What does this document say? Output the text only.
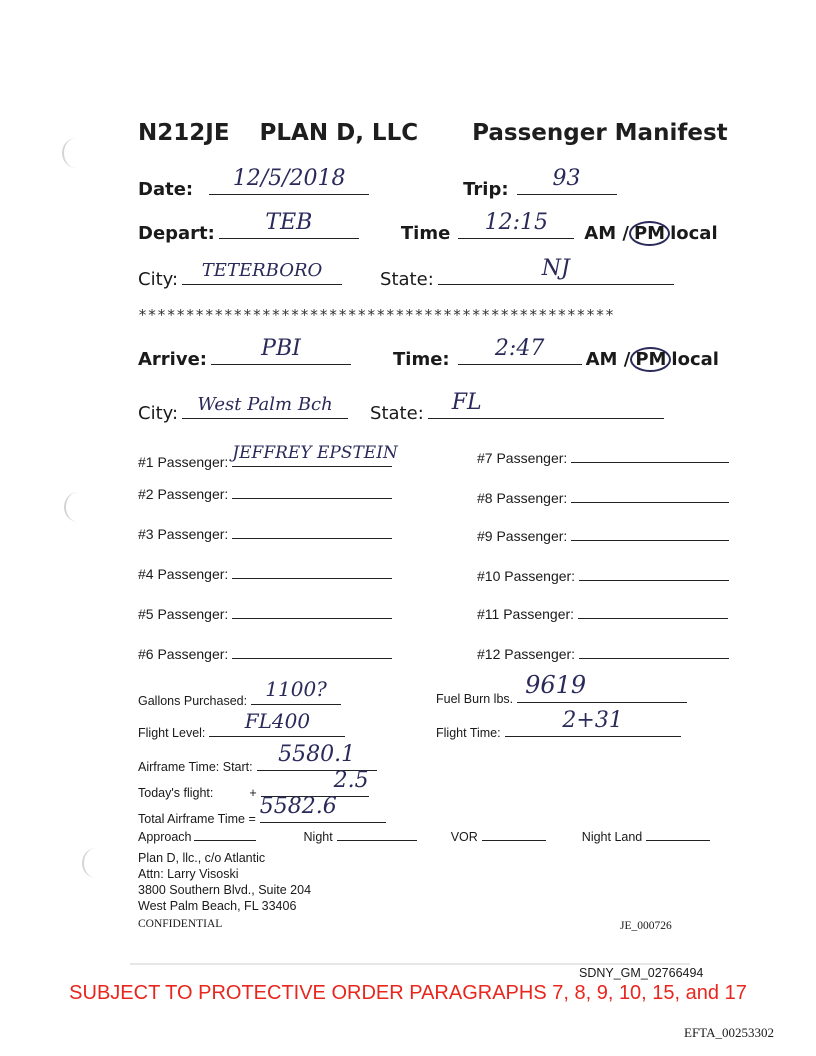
N212JE PLAN D, LLC Passenger Manifest
Date:	12/5/2018	Trip:	93
Depart:	TEB	Time	12:15	AM / PM local
City:	TETERBORO	State:	NJ
**************************************************
Arrive:	PBI	Time:	2:47	AM / PM local
City:	West Palm Bch	State:	FL
#1 Passenger: JEFFREY EPSTEIN
#2 Passenger:
#3 Passenger:
#4 Passenger:
#5 Passenger:
#6 Passenger:
#7 Passenger:
#8 Passenger:
#9 Passenger:
#10 Passenger:
#11 Passenger:
#12 Passenger:
Gallons Purchased: 1100?	Fuel Burn lbs. 9619
Flight Level:	FL400	Flight Time:	2+31
Airframe Time: Start:	5580.1
Today's flight:	+	2.5
Total Airframe Time = 5582.6
Approach	Night	VOR	Night Land
Plan D, llc., c/o Atlantic
Attn: Larry Visoski
3800 Southern Blvd., Suite 204
West Palm Beach, FL 33406
CONFIDENTIAL	JE_000726
SDNY_GM_02766494
SUBJECT TO PROTECTIVE ORDER PARAGRAPHS 7, 8, 9, 10, 15, and 17
EFTA_00253302
